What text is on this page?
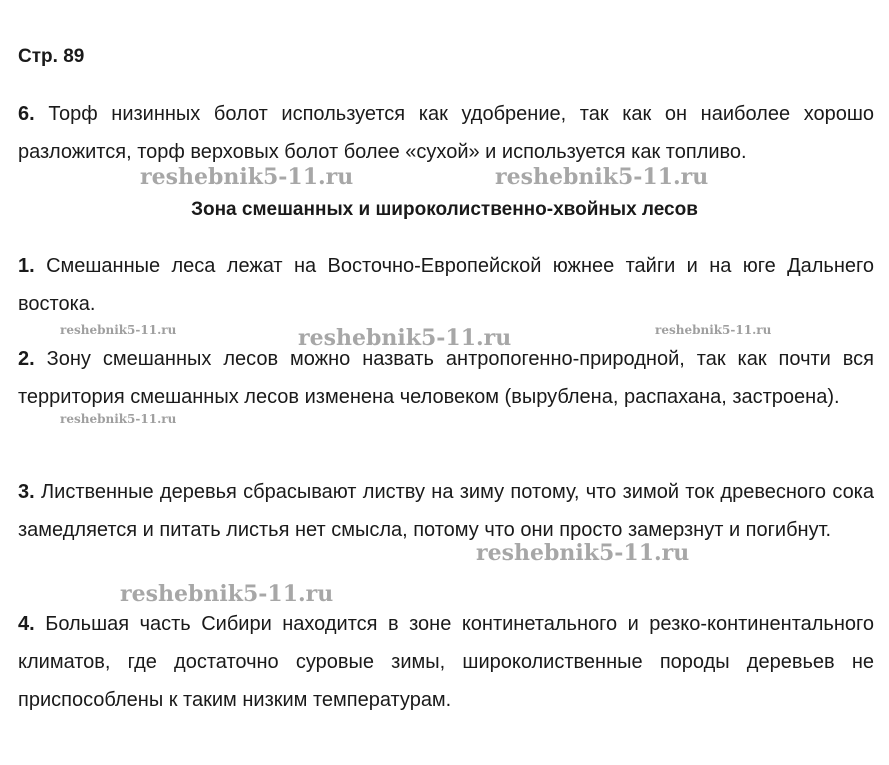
Стр. 89

6. Торф низинных болот используется как удобрение, так как он наиболее хорошо разложится, торф верховых болот более «сухой» и используется как топливо.

Зона смешанных и широколиственно-хвойных лесов

1. Смешанные леса лежат на Восточно-Европейской южнее тайги и на юге Дальнего востока.

2. Зону смешанных лесов можно назвать антропогенно-природной, так как почти вся территория смешанных лесов изменена человеком (вырублена, распахана, застроена).

3. Лиственные деревья сбрасывают листву на зиму потому, что зимой ток древесного сока замедляется и питать листья нет смысла, потому что они просто замерзнут и погибнут.

4. Большая часть Сибири находится в зоне континетального и резко-континентального климатов, где достаточно суровые зимы, широколиственные породы деревьев не приспособлены к таким низким температурам.

reshebnik5-11.ru	reshebnik5-11.ru
reshebnik5-11.ru	reshebnik5-11.ru	reshebnik5-11.ru
reshebnik5-11.ru
reshebnik5-11.ru
reshebnik5-11.ru
